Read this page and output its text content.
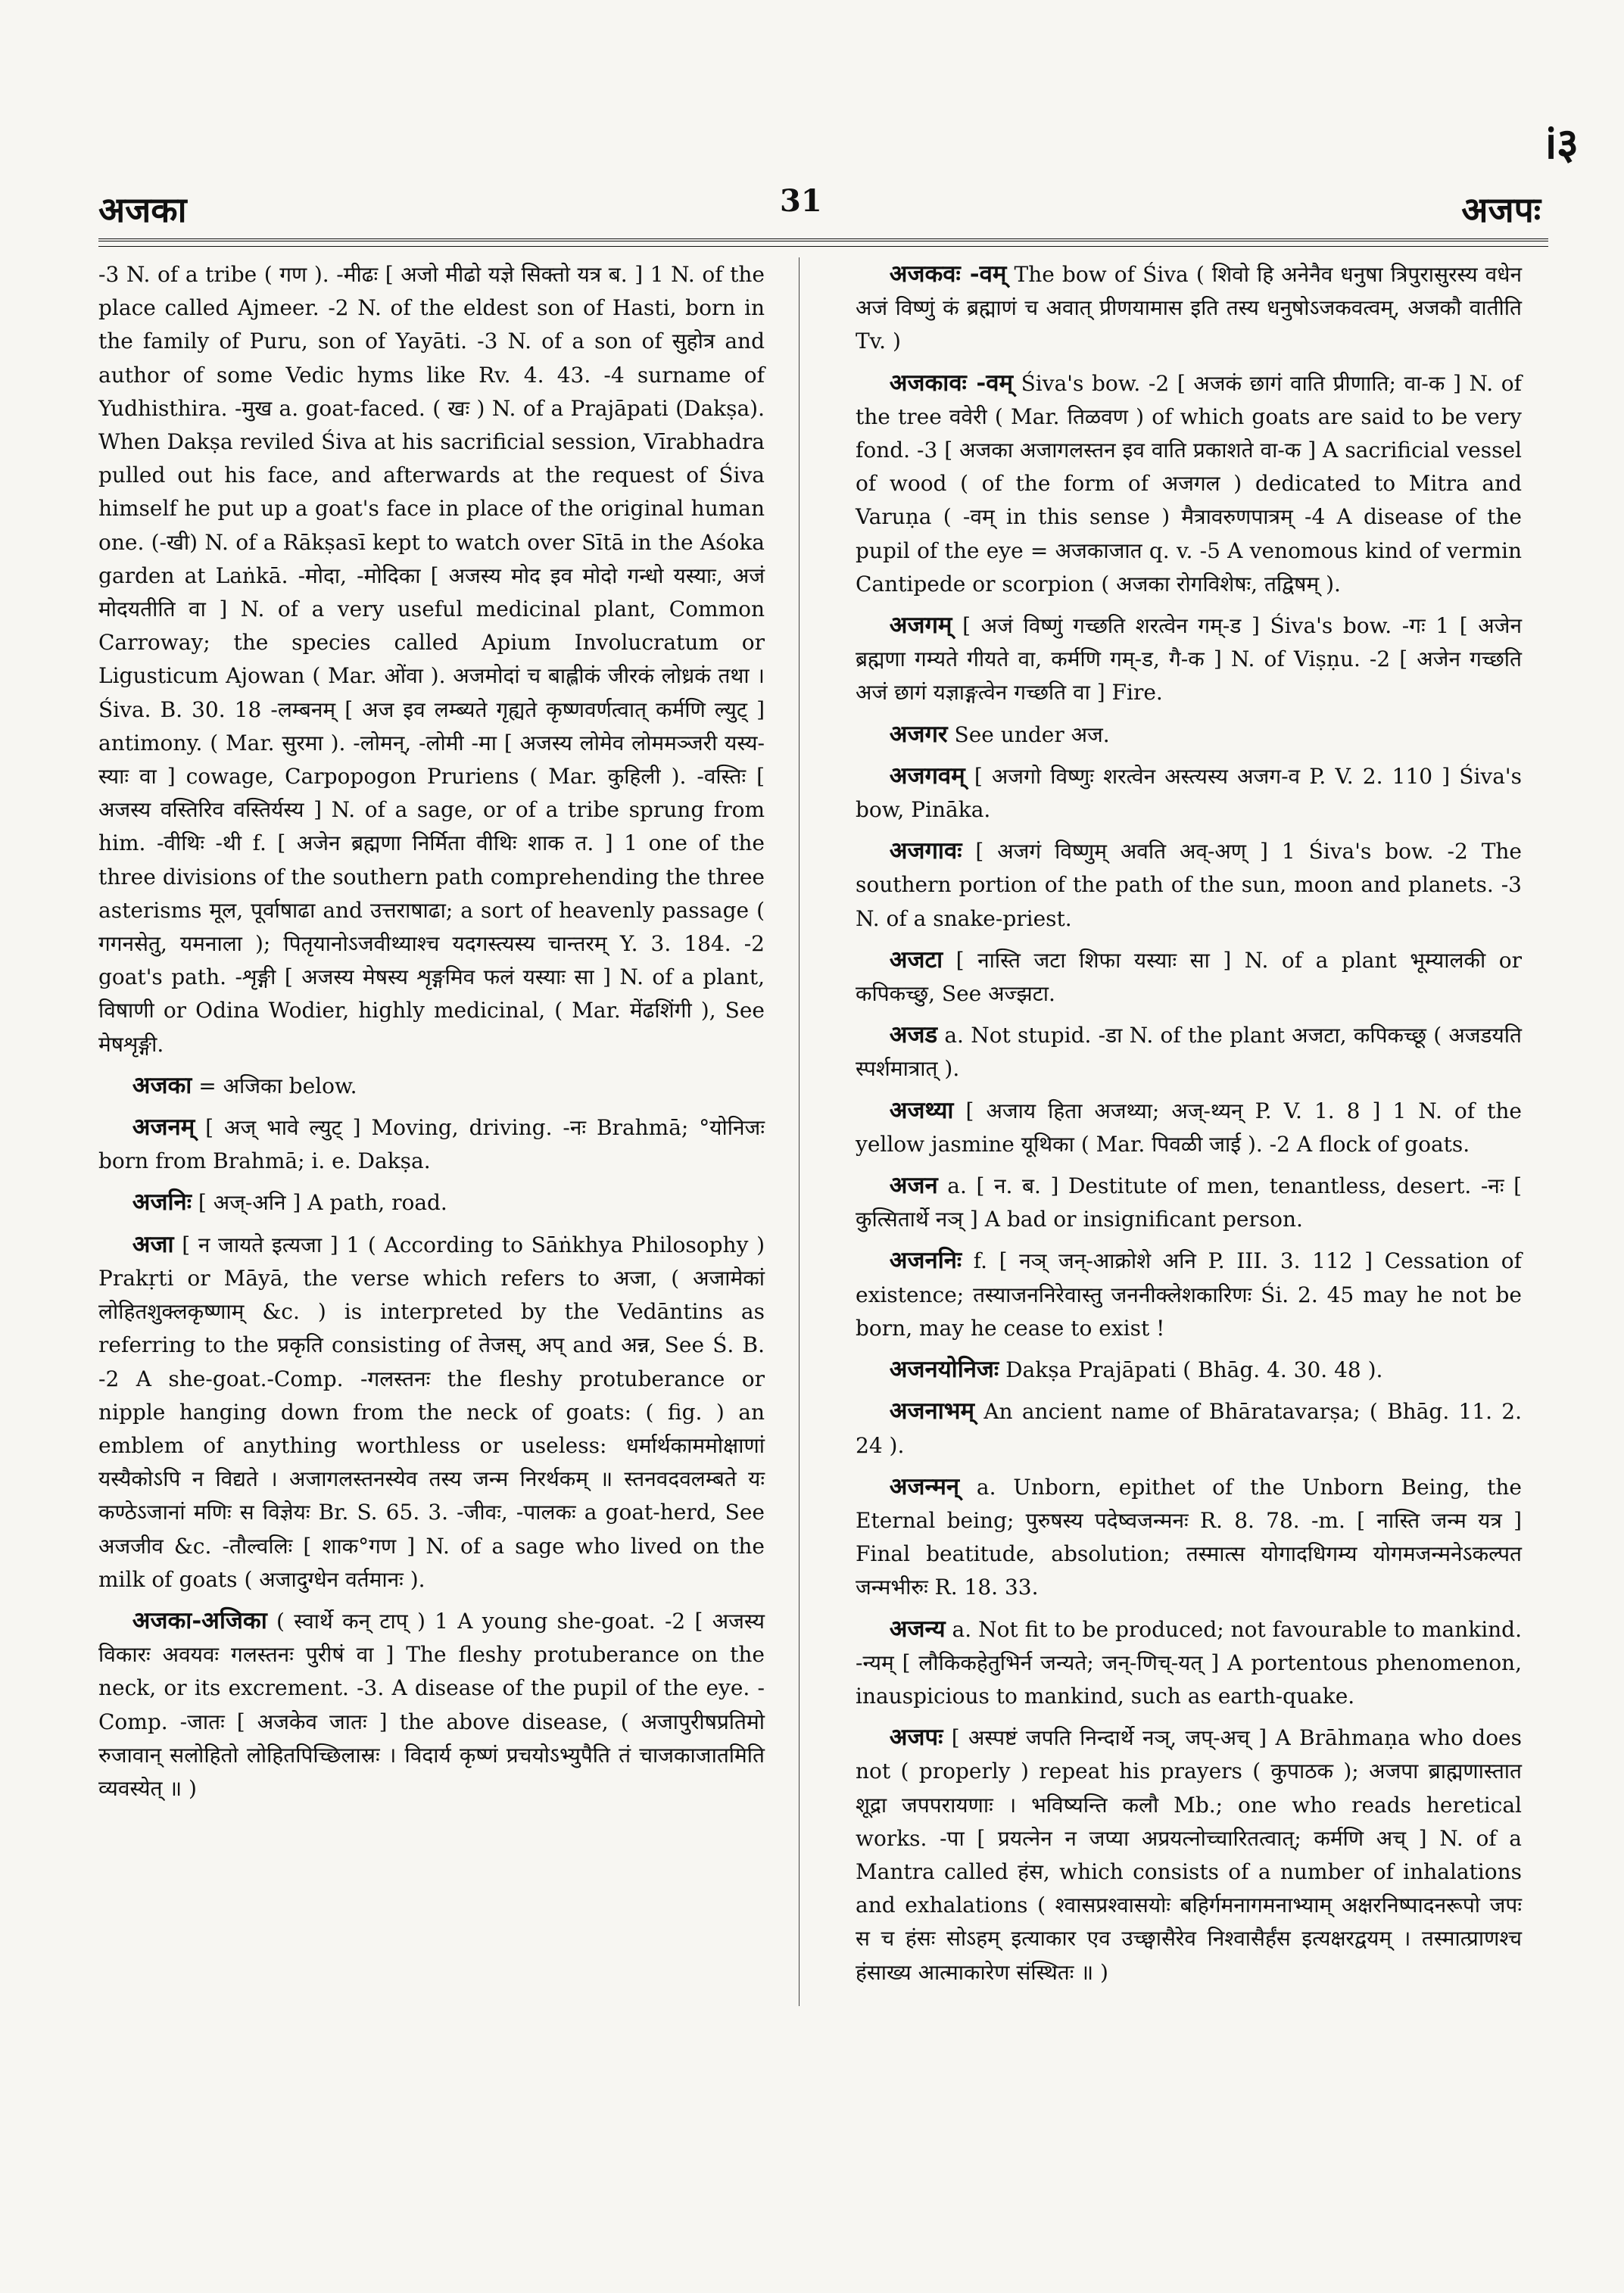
ℹ३
अजका	31	अजपः

-3 N. of a tribe ( गण ). -मीढः [ अजो मीढो यज्ञे सिक्तो यत्र ब. ] 1 N. of the place called Ajmeer. -2 N. of the eldest son of Hasti, born in the family of Puru, son of Yayāti. -3 N. of a son of सुहोत्र and author of some Vedic hyms like Rv. 4. 43. -4 surname of Yudhisthira. -मुख a. goat-faced. ( खः ) N. of a Prajāpati (Dakṣa). When Dakṣa reviled Śiva at his sacrificial session, Vīrabhadra pulled out his face, and afterwards at the request of Śiva himself he put up a goat's face in place of the original human one. (-खी) N. of a Rākṣasī kept to watch over Sītā in the Aśoka garden at Laṅkā. -मोदा, -मोदिका [ अजस्य मोद इव मोदो गन्धो यस्याः, अजं मोदयतीति वा ] N. of a very useful medicinal plant, Common Carroway; the species called Apium Involucratum or Ligusticum Ajowan ( Mar. ओंवा ). अजमोदां च बाह्लीकं जीरकं लोध्रकं तथा । Śiva. B. 30. 18 -लम्बनम् [ अज इव लम्ब्यते गृह्यते कृष्णवर्णत्वात् कर्मणि ल्युट् ] antimony. ( Mar. सुरमा ). -लोमन्, -लोमी -मा [ अजस्य लोमेव लोममञ्जरी यस्य-स्याः वा ] cowage, Carpopogon Pruriens ( Mar. कुहिली ). -वस्तिः [ अजस्य वस्तिरिव वस्तिर्यस्य ] N. of a sage, or of a tribe sprung from him. -वीथिः -थी f. [ अजेन ब्रह्मणा निर्मिता वीथिः शाक त. ] 1 one of the three divisions of the southern path comprehending the three asterisms मूल, पूर्वाषाढा and उत्तराषाढा; a sort of heavenly passage ( गगनसेतु, यमनाला ); पितृयानोऽजवीथ्याश्च यदगस्त्यस्य चान्तरम् Y. 3. 184. -2 goat's path. -शृङ्गी [ अजस्य मेषस्य शृङ्गमिव फलं यस्याः सा ] N. of a plant, विषाणी or Odina Wodier, highly medicinal, ( Mar. मेंढशिंगी ), See मेषशृङ्गी.

अजका = अजिका below.

अजनम् [ अज् भावे ल्युट् ] Moving, driving. -नः Brahmā; °योनिजः born from Brahmā; i. e. Dakṣa.

अजनिः [ अज्-अनि ] A path, road.

अजा [ न जायते इत्यजा ] 1 ( According to Sāṅkhya Philosophy ) Prakṛti or Māyā, the verse which refers to अजा, ( अजामेकां लोहितशुक्लकृष्णाम् &c. ) is interpreted by the Vedāntins as referring to the प्रकृति consisting of तेजस्, अप् and अन्न, See Ś. B. -2 A she-goat.-Comp. -गलस्तनः the fleshy protuberance or nipple hanging down from the neck of goats: ( fig. ) an emblem of anything worthless or useless: धर्मार्थकाममोक्षाणां यस्यैकोऽपि न विद्यते । अजागलस्तनस्येव तस्य जन्म निरर्थकम् ॥ स्तनवदवलम्बते यः कण्ठेऽजानां मणिः स विज्ञेयः Br. S. 65. 3. -जीवः, -पालकः a goat-herd, See अजजीव &c. -तौल्वलिः [ शाक°गण ] N. of a sage who lived on the milk of goats ( अजादुग्धेन वर्तमानः ).

अजका-अजिका ( स्वार्थे कन् टाप् ) 1 A young she-goat. -2 [ अजस्य विकारः अवयवः गलस्तनः पुरीषं वा ] The fleshy protuberance on the neck, or its excrement. -3. A disease of the pupil of the eye. -Comp. -जातः [ अजकेव जातः ] the above disease, ( अजापुरीषप्रतिमो रुजावान् सलोहितो लोहितपिच्छिलास्रः । विदार्य कृष्णं प्रचयोऽभ्युपैति तं चाजकाजातमिति व्यवस्येत् ॥ )

अजकवः -वम् The bow of Śiva ( शिवो हि अनेनैव धनुषा त्रिपुरासुरस्य वधेन अजं विष्णुं कं ब्रह्माणं च अवात् प्रीणयामास इति तस्य धनुषोऽजकवत्वम्, अजकौ वातीति Tv. )

अजकावः -वम् Śiva's bow. -2 [ अजकं छागं वाति प्रीणाति; वा-क ] N. of the tree ववेरी ( Mar. तिळवण ) of which goats are said to be very fond. -3 [ अजका अजागलस्तन इव वाति प्रकाशते वा-क ] A sacrificial vessel of wood ( of the form of अजगल ) dedicated to Mitra and Varuṇa ( -वम् in this sense ) मैत्रावरुणपात्रम् -4 A disease of the pupil of the eye = अजकाजात q. v. -5 A venomous kind of vermin Cantipede or scorpion ( अजका रोगविशेषः, तद्विषम् ).

अजगम् [ अजं विष्णुं गच्छति शरत्वेन गम्-ड ] Śiva's bow. -गः 1 [ अजेन ब्रह्मणा गम्यते गीयते वा, कर्मणि गम्-ड, गै-क ] N. of Viṣṇu. -2 [ अजेन गच्छति अजं छागं यज्ञाङ्गत्वेन गच्छति वा ] Fire.

अजगर See under अज.

अजगवम् [ अजगो विष्णुः शरत्वेन अस्त्यस्य अजग-व P. V. 2. 110 ] Śiva's bow, Pināka.

अजगावः [ अजगं विष्णुम् अवति अव्-अण् ] 1 Śiva's bow. -2 The southern portion of the path of the sun, moon and planets. -3 N. of a snake-priest.

अजटा [ नास्ति जटा शिफा यस्याः सा ] N. of a plant भूम्यालकी or कपिकच्छु, See अज्झटा.

अजड a. Not stupid. -डा N. of the plant अजटा, कपिकच्छू ( अजडयति स्पर्शमात्रात् ).

अजथ्या [ अजाय हिता अजथ्या; अज्-थ्यन् P. V. 1. 8 ] 1 N. of the yellow jasmine यूथिका ( Mar. पिवळी जाई ). -2 A flock of goats.

अजन a. [ न. ब. ] Destitute of men, tenantless, desert. -नः [ कुत्सितार्थे नञ् ] A bad or insignificant person.

अजननिः f. [ नञ् जन्-आक्रोशे अनि P. III. 3. 112 ] Cessation of existence; तस्याजननिरेवास्तु जननीक्लेशकारिणः Śi. 2. 45 may he not be born, may he cease to exist !

अजनयोनिजः Dakṣa Prajāpati ( Bhāg. 4. 30. 48 ).

अजनाभम् An ancient name of Bhāratavarṣa; ( Bhāg. 11. 2. 24 ).

अजन्मन् a. Unborn, epithet of the Unborn Being, the Eternal being; पुरुषस्य पदेष्वजन्मनः R. 8. 78. -m. [ नास्ति जन्म यत्र ] Final beatitude, absolution; तस्मात्स योगादधिगम्य योगमजन्मनेऽकल्पत जन्मभीरुः R. 18. 33.

अजन्य a. Not fit to be produced; not favourable to mankind. -न्यम् [ लौकिकहेतुभिर्न जन्यते; जन्-णिच्-यत् ] A portentous phenomenon, inauspicious to mankind, such as earth-quake.

अजपः [ अस्पष्टं जपति निन्दार्थे नञ्, जप्-अच् ] A Brāhmaṇa who does not ( properly ) repeat his prayers ( कुपाठक ); अजपा ब्राह्मणास्तात शूद्रा जपपरायणाः । भविष्यन्ति कलौ Mb.; one who reads heretical works. -पा [ प्रयत्नेन न जप्या अप्रयत्नोच्चारितत्वात्; कर्मणि अच् ] N. of a Mantra called हंस, which consists of a number of inhalations and exhalations ( श्वासप्रश्वासयोः बहिर्गमनागमनाभ्याम् अक्षरनिष्पादनरूपो जपः स च हंसः सोऽहम् इत्याकार एव उच्छ्वासैरेव निश्वासैर्हंस इत्यक्षरद्वयम् । तस्मात्प्राणश्च हंसाख्य आत्माकारेण संस्थितः ॥ )
